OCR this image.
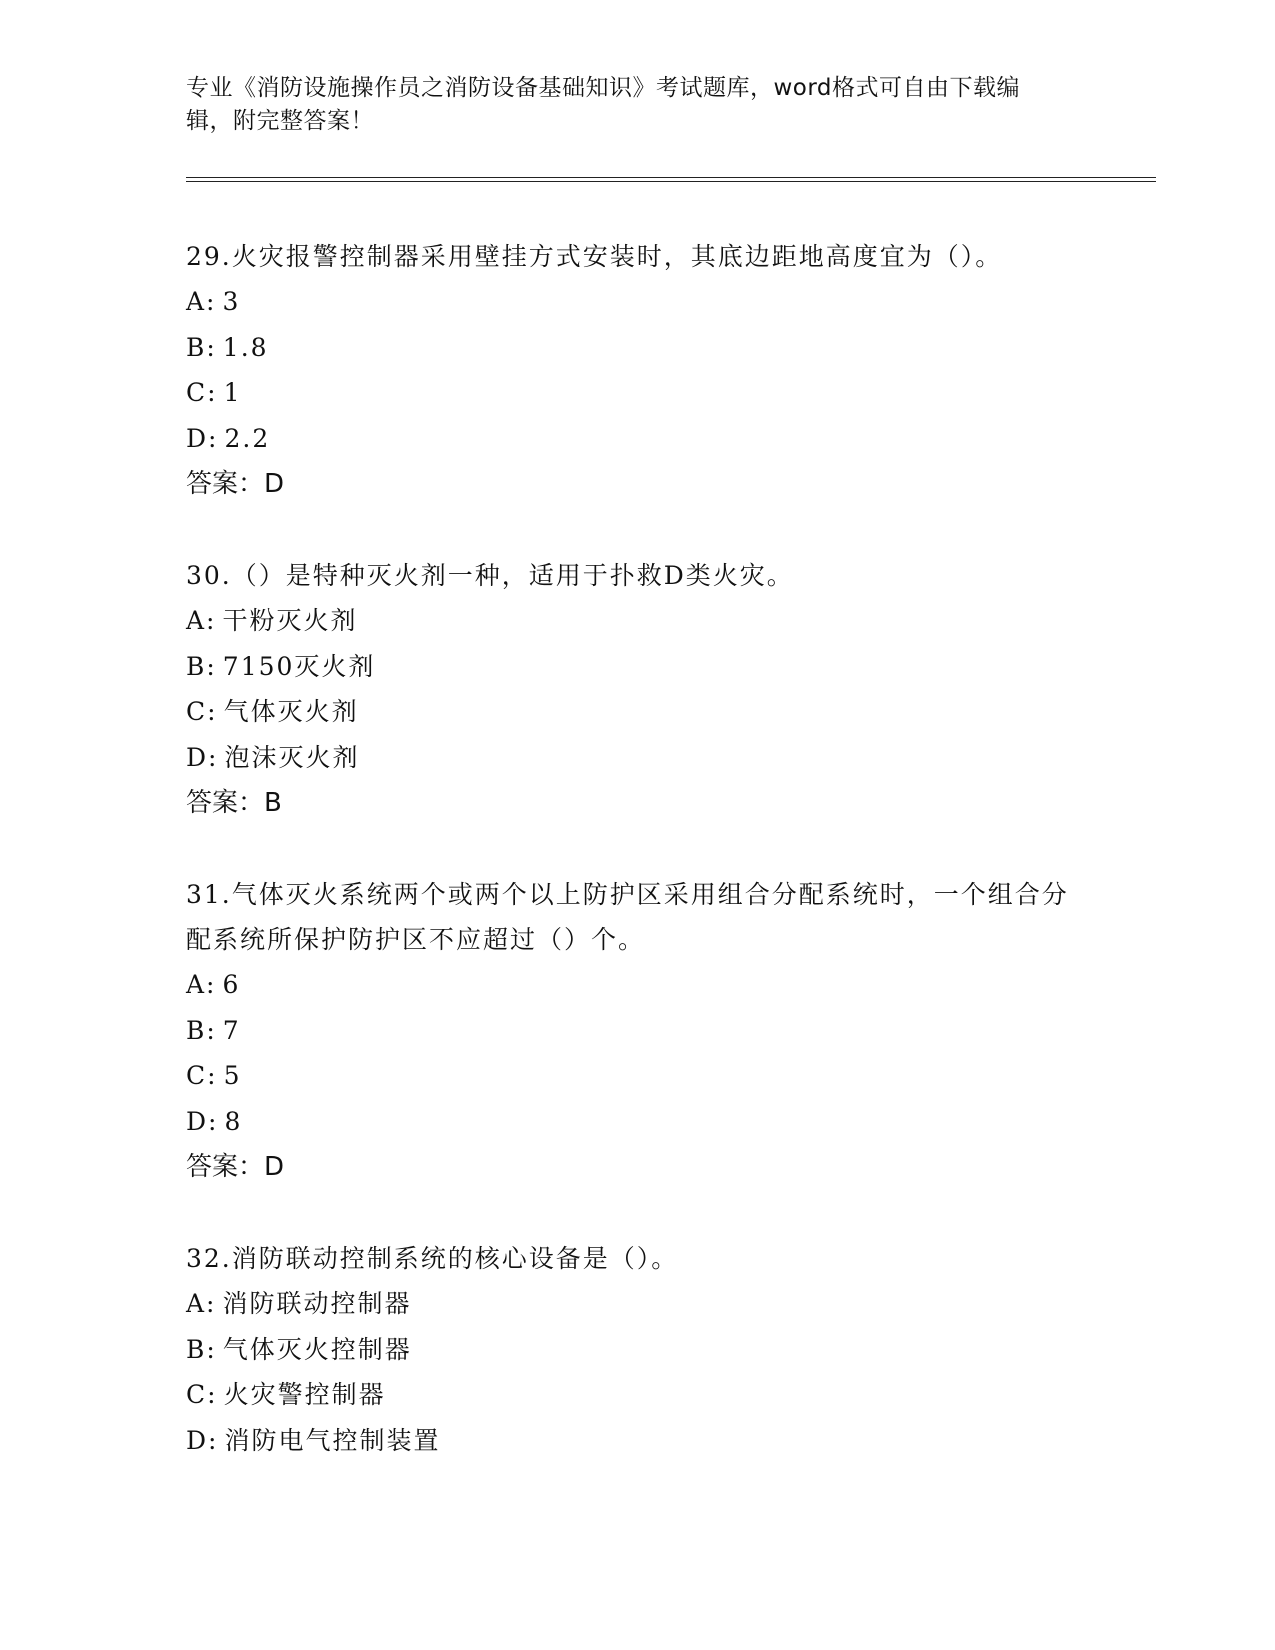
专业《消防设施操作员之消防设备基础知识》考试题库，word格式可自由下载编辑，附完整答案！

29.火灾报警控制器采用壁挂方式安装时，其底边距地高度宜为（）。

A: 3

B: 1.8

C: 1

D: 2.2

答案：D

30.（）是特种灭火剂一种，适用于扑救D类火灾。

A: 干粉灭火剂

B: 7150灭火剂

C: 气体灭火剂

D: 泡沫灭火剂

答案：B

31.气体灭火系统两个或两个以上防护区采用组合分配系统时，一个组合分配系统所保护防护区不应超过（）个。

A: 6

B: 7

C: 5

D: 8

答案：D

32.消防联动控制系统的核心设备是（）。

A: 消防联动控制器

B: 气体灭火控制器

C: 火灾警控制器

D: 消防电气控制装置
